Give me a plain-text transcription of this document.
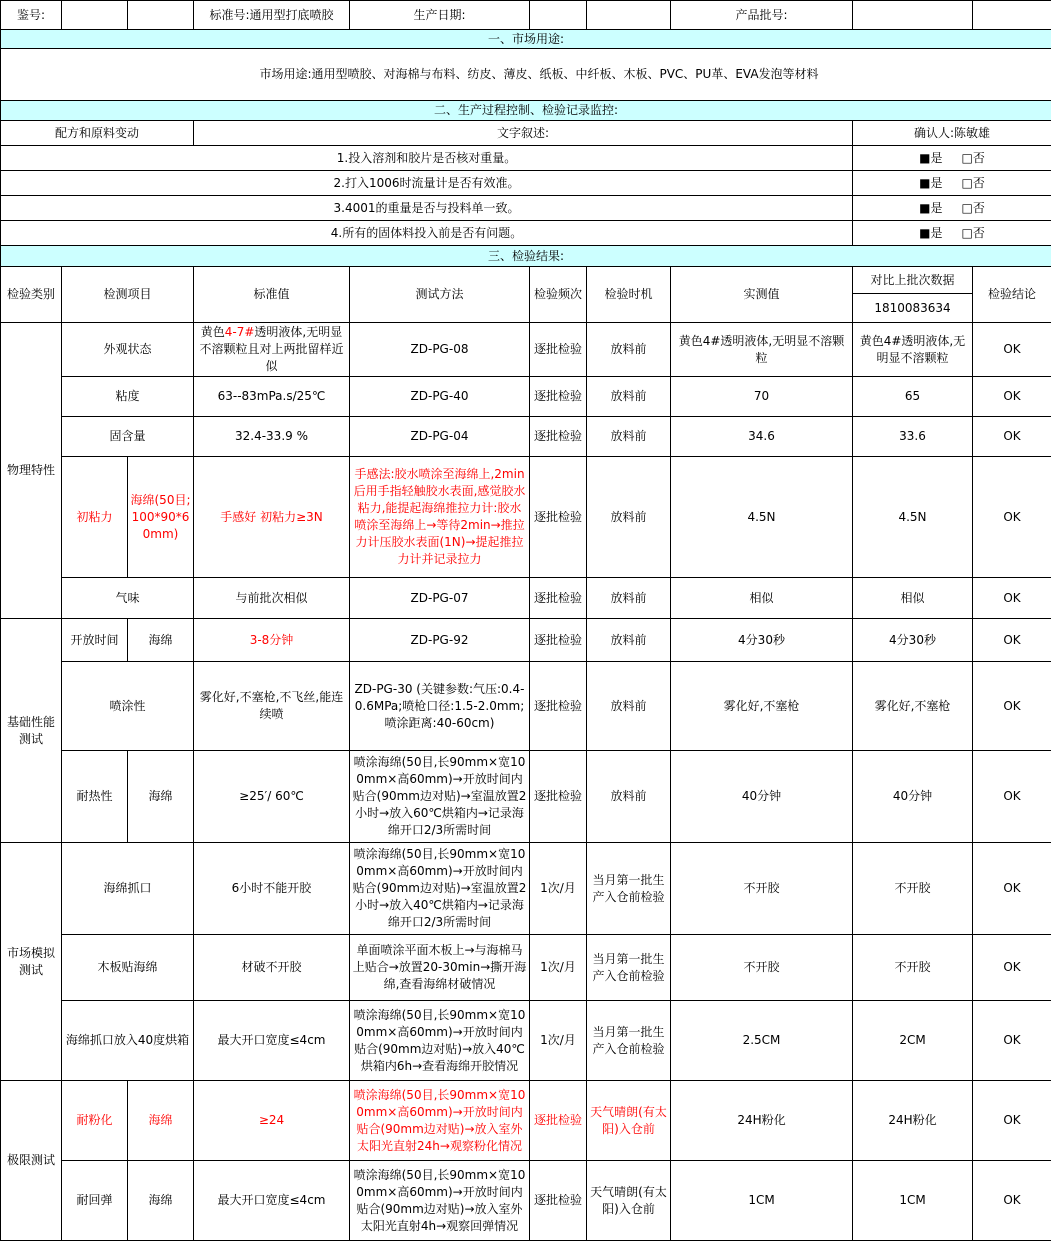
鉴号:			标准号:通用型打底喷胶	生产日期:			产品批号:		
一、市场用途:									
市场用途:通用型喷胶、对海棉与布料、纺皮、薄皮、纸板、中纤板、木板、PVC、PU革、EVA发泡等材料									
二、生产过程控制、检验记录监控:									
配方和原料变动			文字叙述:					确认人:陈敏雄	
1.投入溶剂和胶片是否核对重量。								■是 □否	
2.打入1006时流量计是否有效准。								■是 □否	
3.4001的重量是否与投料单一致。								■是 □否	
4.所有的固体料投入前是否有问题。								■是 □否	
三、检验结果:									
检验类别	检测项目		标准值	测试方法	检验频次	检验时机	实测值	对比上批次数据	检验结论
								1810083634	
物理特性	外观状态		黄色4-7#透明液体,无明显不溶颗粒且对上两批留样近似	ZD-PG-08	逐批检验	放料前	黄色4#透明液体,无明显不溶颗粒	黄色4#透明液体,无明显不溶颗粒	OK
	粘度		63--83mPa.s/25℃	ZD-PG-40	逐批检验	放料前	70	65	OK
	固含量		32.4-33.9 %	ZD-PG-04	逐批检验	放料前	34.6	33.6	OK
	初粘力	海绵(50目;100*90*60mm)	手感好 初粘力≥3N	手感法:胶水喷涂至海绵上,2min后用手指轻触胶水表面,感觉胶水粘力,能提起海绵推拉力计:胶水喷涂至海绵上→等待2min→推拉力计压胶水表面(1N)→提起推拉力计并记录拉力	逐批检验	放料前	4.5N	4.5N	OK
	气味		与前批次相似	ZD-PG-07	逐批检验	放料前	相似	相似	OK
基础性能测试	开放时间	海绵	3-8分钟	ZD-PG-92	逐批检验	放料前	4分30秒	4分30秒	OK
	喷涂性		雾化好,不塞枪,不飞丝,能连续喷	ZD-PG-30 (关键参数:气压:0.4-0.6MPa;喷枪口径:1.5-2.0mm;喷涂距离:40-60cm)	逐批检验	放料前	雾化好,不塞枪	雾化好,不塞枪	OK
	耐热性	海绵	≥25′/ 60℃	喷涂海绵(50目,长90mm×宽100mm×高60mm)→开放时间内贴合(90mm边对贴)→室温放置2小时→放入60℃烘箱内→记录海绵开口2/3所需时间	逐批检验	放料前	40分钟	40分钟	OK
市场模拟测试	海绵抓口		6小时不能开胶	喷涂海绵(50目,长90mm×宽100mm×高60mm)→开放时间内贴合(90mm边对贴)→室温放置2小时→放入40℃烘箱内→记录海绵开口2/3所需时间	1次/月	当月第一批生产入仓前检验	不开胶	不开胶	OK
	木板贴海绵		材破不开胶	单面喷涂平面木板上→与海棉马上贴合→放置20-30min→撕开海绵,查看海绵材破情况	1次/月	当月第一批生产入仓前检验	不开胶	不开胶	OK
	海绵抓口放入40度烘箱		最大开口宽度≤4cm	喷涂海绵(50目,长90mm×宽100mm×高60mm)→开放时间内贴合(90mm边对贴)→放入40℃烘箱内6h→查看海绵开胶情况	1次/月	当月第一批生产入仓前检验	2.5CM	2CM	OK
极限测试	耐粉化	海绵	≥24	喷涂海绵(50目,长90mm×宽100mm×高60mm)→开放时间内贴合(90mm边对贴)→放入室外太阳光直射24h→观察粉化情况	逐批检验	天气晴朗(有太阳)入仓前	24H粉化	24H粉化	OK
	耐回弹	海绵	最大开口宽度≤4cm	喷涂海绵(50目,长90mm×宽100mm×高60mm)→开放时间内贴合(90mm边对贴)→放入室外太阳光直射4h→观察回弹情况	逐批检验	天气晴朗(有太阳)入仓前	1CM	1CM	OK
